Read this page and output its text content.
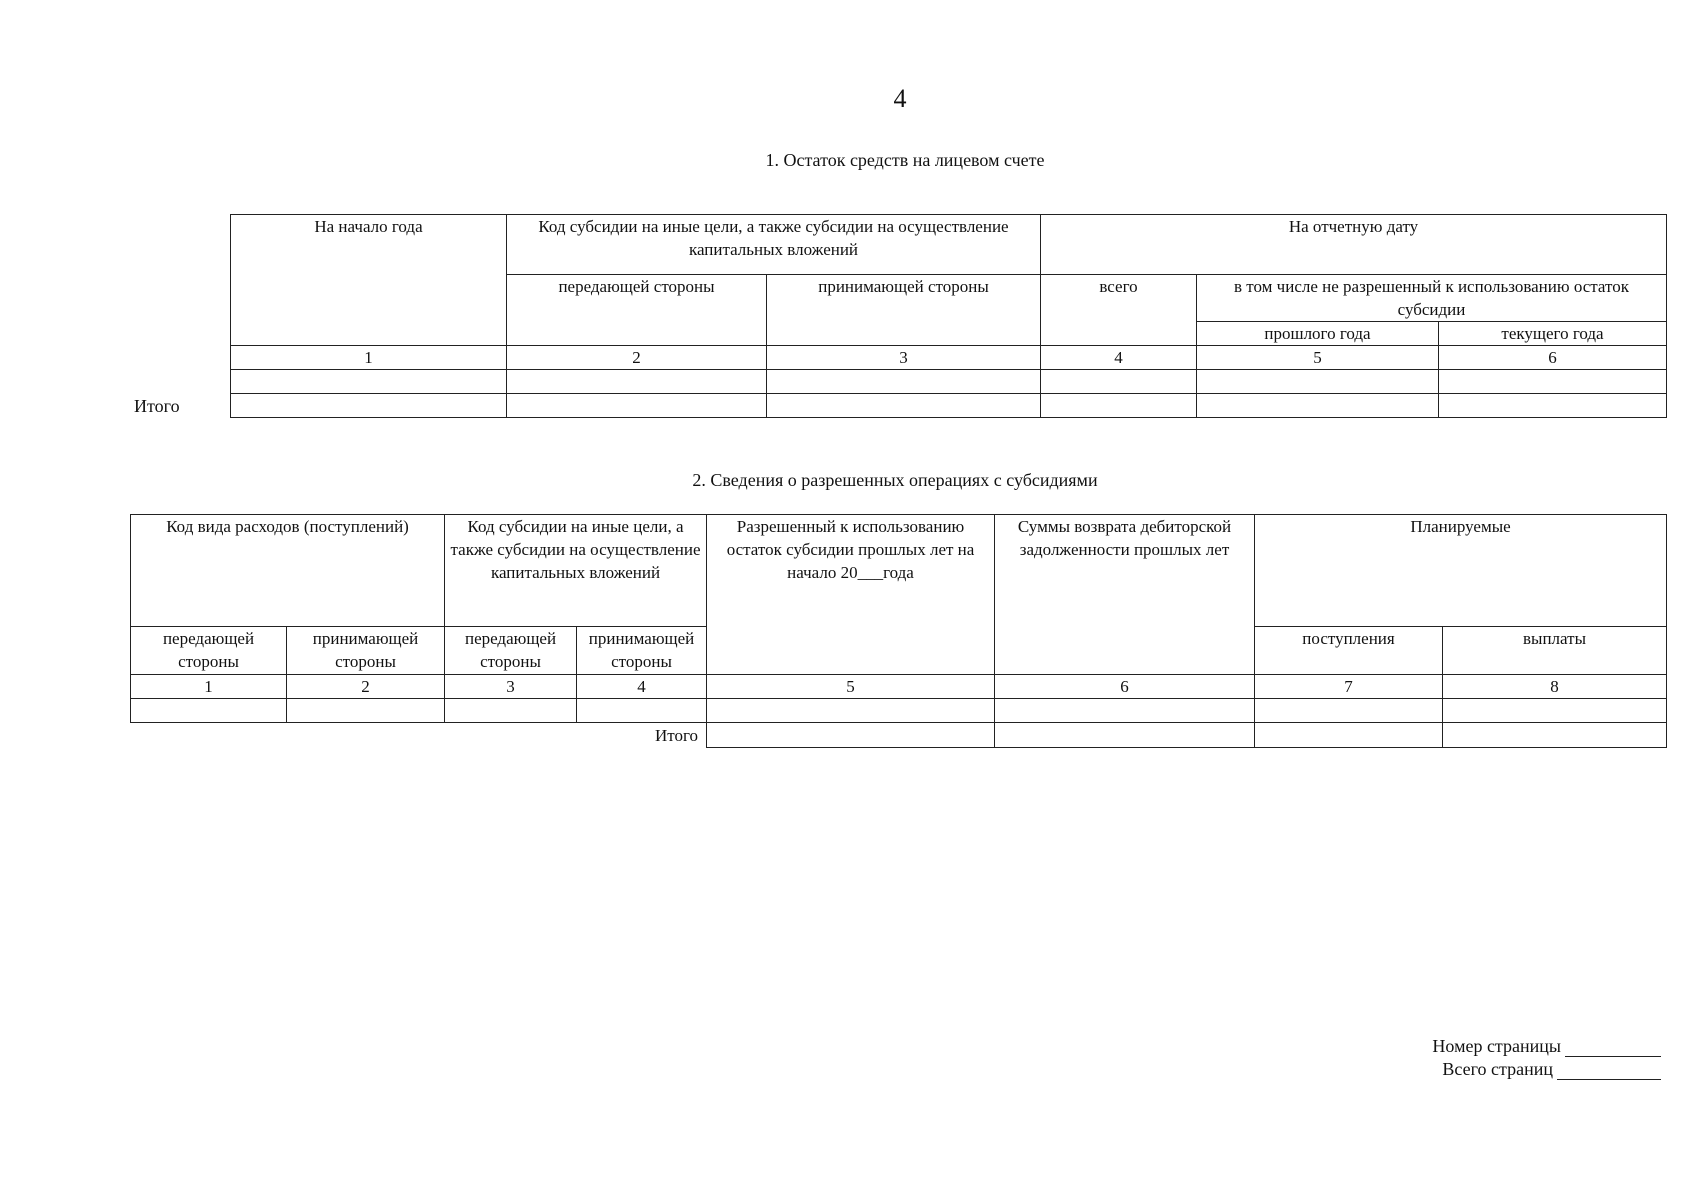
4
1. Остаток средств на лицевом счете
На начало года	Код субсидии на иные цели, а также субсидии на осуществление капитальных вложений		На отчетную дату		
	передающей стороны	принимающей стороны	всего	в том числе не разрешенный к использованию остаток субсидии	
				прошлого года	текущего года
1	2	3	4	5	6

Итого
2. Сведения о разрешенных операциях с субсидиями
Код вида расходов (поступлений)		Код субсидии на иные цели, а также субсидии на осуществление капитальных вложений		Разрешенный к использованию остаток субсидии прошлых лет на начало 20___года	Суммы возврата дебиторской задолженности прошлых лет	Планируемые	
передающей стороны	принимающей стороны	передающей стороны	принимающей стороны			поступления	выплаты
1	2	3	4	5	6	7	8

Итого							
Номер страницы
Всего страниц
